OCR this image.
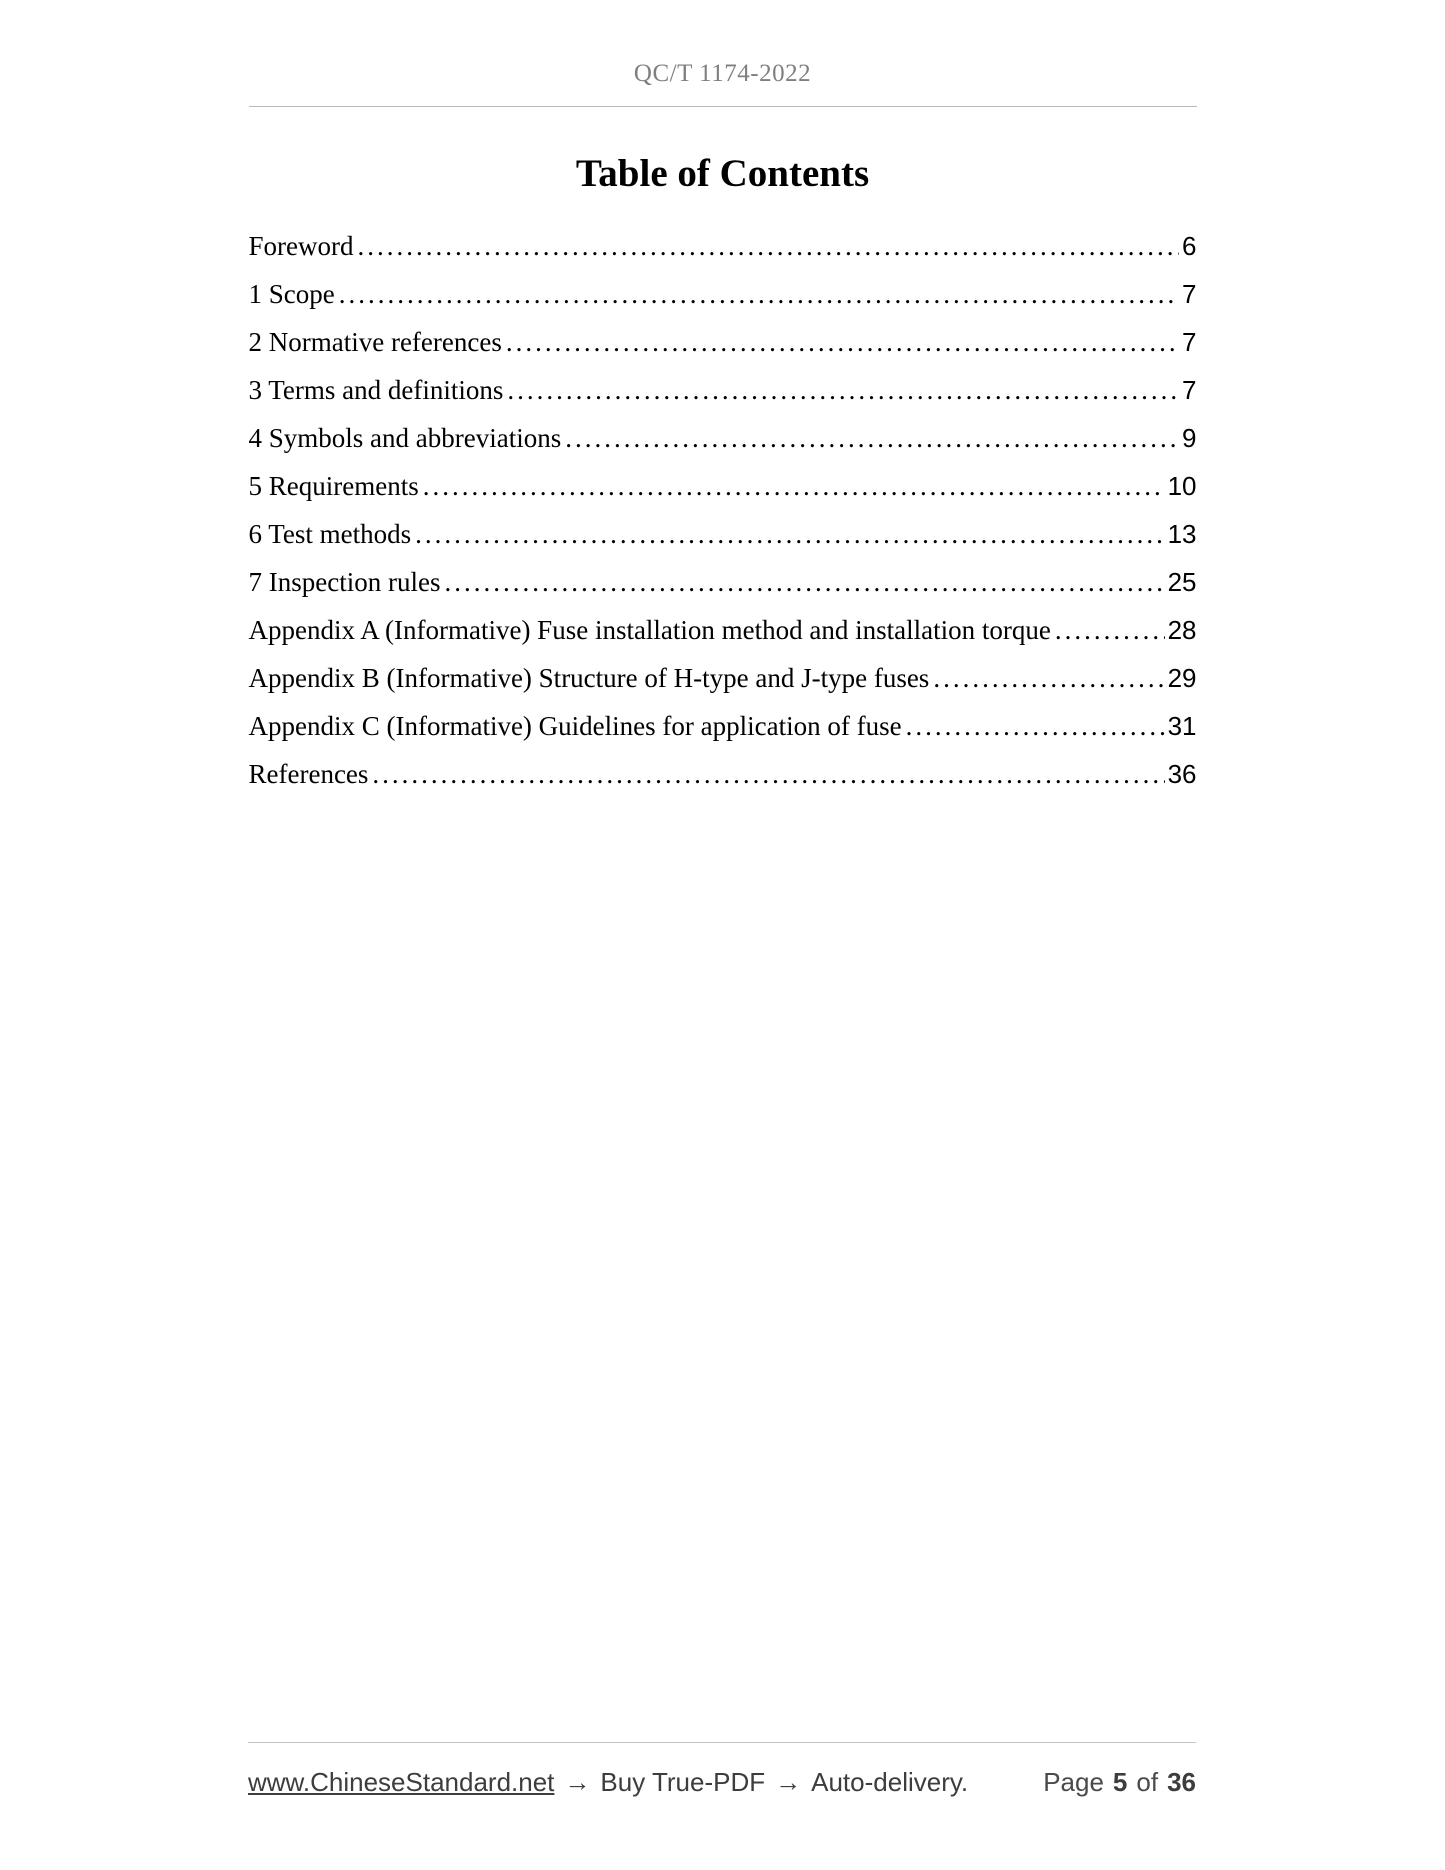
QC/T 1174-2022
Table of Contents
Foreword .....	6
1 Scope .....	7
2 Normative references .....	7
3 Terms and definitions .....	7
4 Symbols and abbreviations .....	9
5 Requirements .....	10
6 Test methods .....	13
7 Inspection rules .....	25
Appendix A (Informative) Fuse installation method and installation torque .....	28
Appendix B (Informative) Structure of H-type and J-type fuses .....	29
Appendix C (Informative) Guidelines for application of fuse .....	31
References .....	36
www.ChineseStandard.net → Buy True-PDF → Auto-delivery.	Page 5 of 36
